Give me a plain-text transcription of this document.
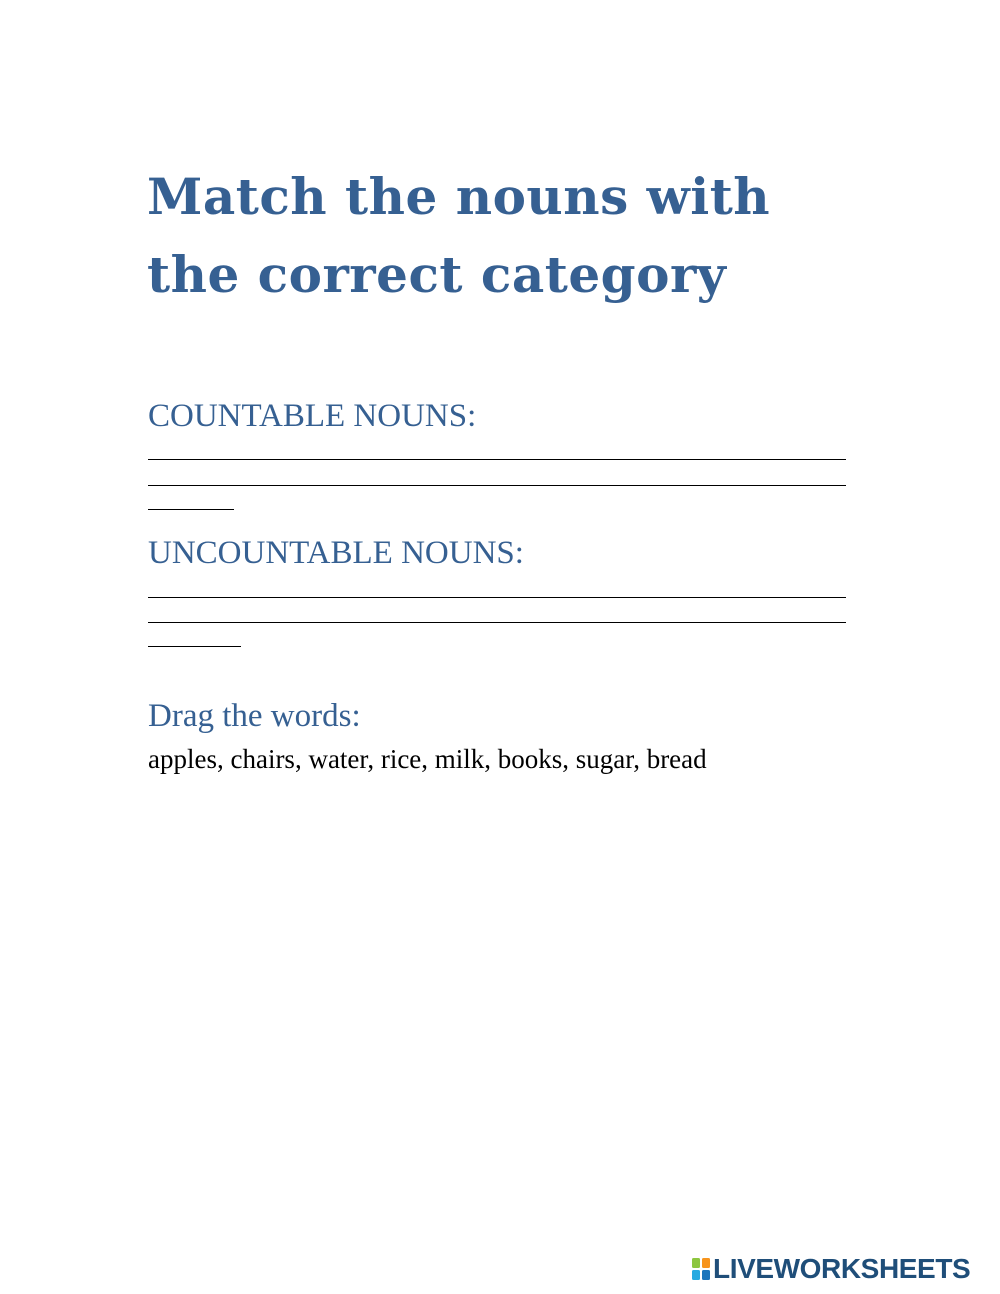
Match the nouns with
the correct category

COUNTABLE NOUNS:

UNCOUNTABLE NOUNS:

Drag the words:

apples, chairs, water, rice, milk, books, sugar, bread

LIVEWORKSHEETS
